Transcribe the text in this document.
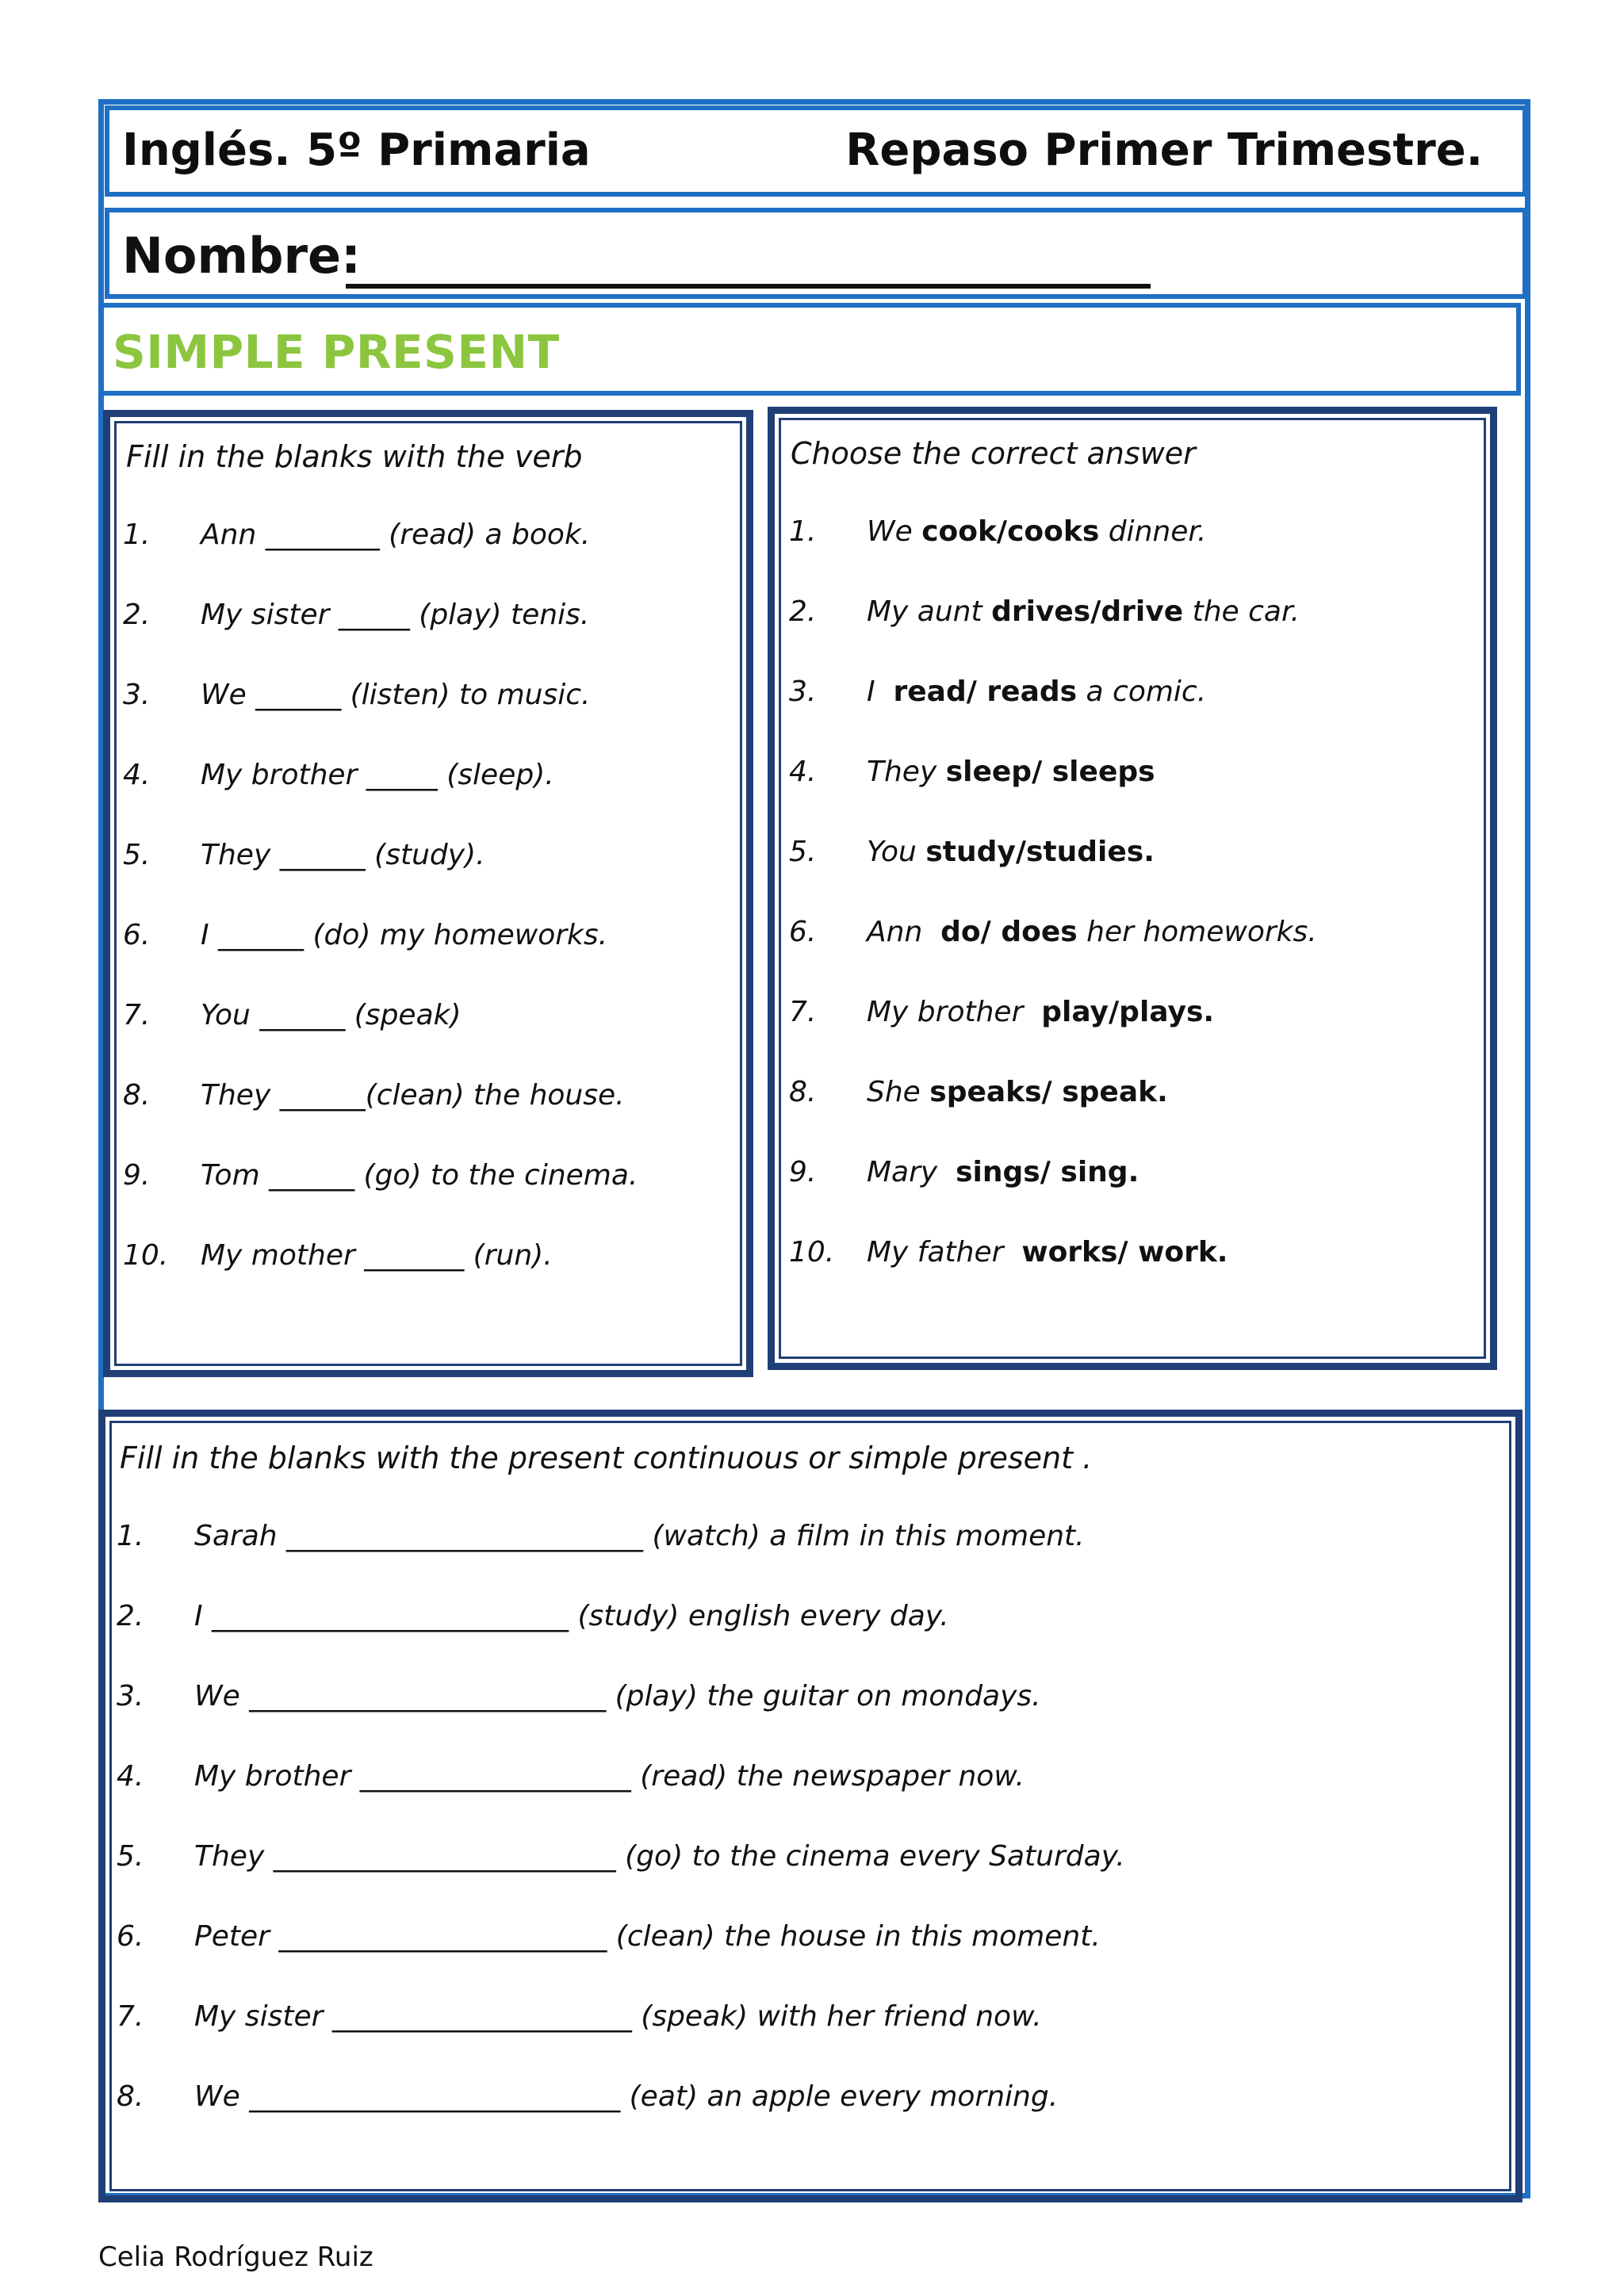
Inglés. 5º Primaria	Repaso Primer Trimestre.
Nombre:
SIMPLE PRESENT
Fill in the blanks with the verb
1.	Ann ________ (read) a book.
2.	My sister _____ (play) tenis.
3.	We ______ (listen) to music.
4.	My brother _____ (sleep).
5.	They ______ (study).
6.	I ______ (do) my homeworks.
7.	You ______ (speak)
8.	They ______(clean) the house.
9.	Tom ______ (go) to the cinema.
10.	My mother _______ (run).
Choose the correct answer
1.	We cook/cooks dinner.
2.	My aunt drives/drive the car.
3.	I  read/ reads a comic.
4.	They sleep/ sleeps
5.	You study/studies.
6.	Ann  do/ does her homeworks.
7.	My brother  play/plays.
8.	She speaks/ speak.
9.	Mary  sings/ sing.
10.	My father  works/ work.
Fill in the blanks with the present continuous or simple present .
1.	Sarah _________________________ (watch) a film in this moment.
2.	I _________________________ (study) english every day.
3.	We _________________________ (play) the guitar on mondays.
4.	My brother ___________________ (read) the newspaper now.
5.	They ________________________ (go) to the cinema every Saturday.
6.	Peter _______________________ (clean) the house in this moment.
7.	My sister _____________________ (speak) with her friend now.
8.	We __________________________ (eat) an apple every morning.
Celia Rodríguez Ruiz
